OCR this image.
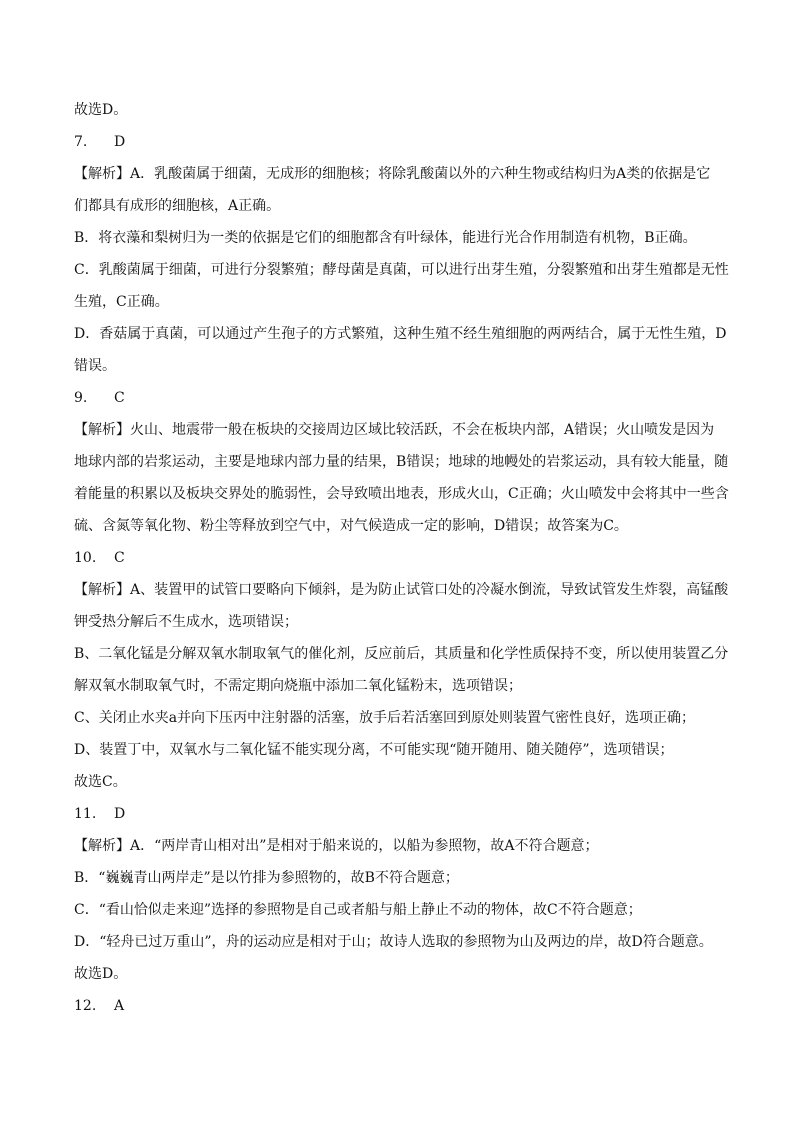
故选D。
7. D
【解析】A．乳酸菌属于细菌，无成形的细胞核；将除乳酸菌以外的六种生物或结构归为A类的依据是它
们都具有成形的细胞核，A正确。
B．将衣藻和梨树归为一类的依据是它们的细胞都含有叶绿体，能进行光合作用制造有机物，B正确。
C．乳酸菌属于细菌，可进行分裂繁殖；酵母菌是真菌，可以进行出芽生殖，分裂繁殖和出芽生殖都是无性
生殖，C正确。
D．香菇属于真菌，可以通过产生孢子的方式繁殖，这种生殖不经生殖细胞的两两结合，属于无性生殖，D
错误。
9. C
【解析】火山、地震带一般在板块的交接周边区域比较活跃，不会在板块内部，A错误；火山喷发是因为
地球内部的岩浆运动，主要是地球内部力量的结果，B错误；地球的地幔处的岩浆运动，具有较大能量，随
着能量的积累以及板块交界处的脆弱性，会导致喷出地表，形成火山，C正确；火山喷发中会将其中一些含
硫、含氮等氧化物、粉尘等释放到空气中，对气候造成一定的影响，D错误；故答案为C。
10. C
【解析】A、装置甲的试管口要略向下倾斜，是为防止试管口处的冷凝水倒流，导致试管发生炸裂，高锰酸
钾受热分解后不生成水，选项错误；
B、二氧化锰是分解双氧水制取氧气的催化剂，反应前后，其质量和化学性质保持不变，所以使用装置乙分
解双氧水制取氧气时，不需定期向烧瓶中添加二氧化锰粉末，选项错误；
C、关闭止水夹a并向下压丙中注射器的活塞，放手后若活塞回到原处则装置气密性良好，选项正确；
D、装置丁中，双氧水与二氧化锰不能实现分离，不可能实现“随开随用、随关随停”，选项错误；
故选C。
11. D
【解析】A．“两岸青山相对出”是相对于船来说的，以船为参照物，故A不符合题意；
B．“巍巍青山两岸走”是以竹排为参照物的，故B不符合题意；
C．“看山恰似走来迎”选择的参照物是自己或者船与船上静止不动的物体，故C不符合题意；
D．“轻舟已过万重山”，舟的运动应是相对于山；故诗人选取的参照物为山及两边的岸，故D符合题意。
故选D。
12. A
